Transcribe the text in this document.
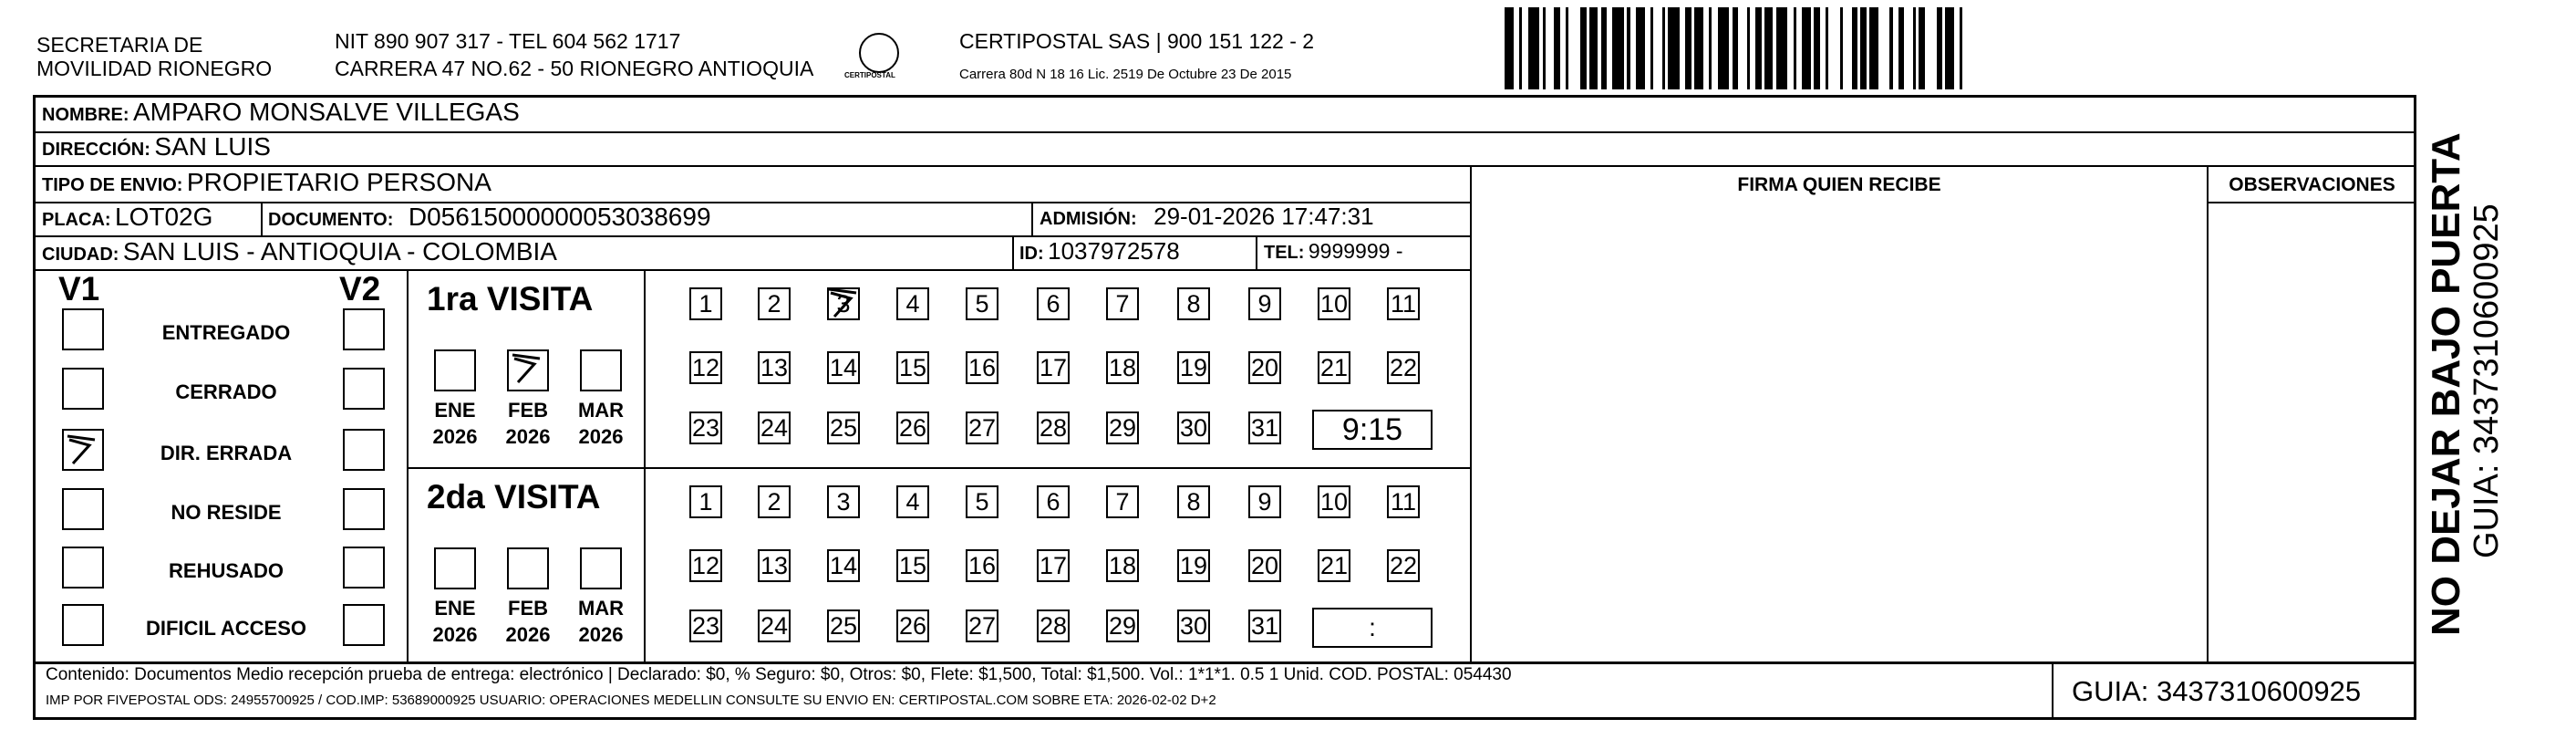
SECRETARIA DE
MOVILIDAD RIONEGRO
NIT 890 907 317 - TEL 604 562 1717
CARRERA 47 NO.62 - 50 RIONEGRO ANTIOQUIA	CERTIPOSTAL
CERTIPOSTAL SAS | 900 151 122 - 2
Carrera 80d N 18 16 Lic. 2519 De Octubre 23 De 2015
NOMBRE: AMPARO MONSALVE VILLEGAS
DIRECCIÓN: SAN LUIS
TIPO DE ENVIO: PROPIETARIO PERSONA
PLACA: LOT02G	DOCUMENTO: D05615000000053038699	ADMISIÓN: 29-01-2026 17:47:31
CIUDAD: SAN LUIS - ANTIOQUIA - COLOMBIA	ID: 1037972578	TEL: 9999999 -
FIRMA QUIEN RECIBE	OBSERVACIONES
V1	V2
ENTREGADO
CERRADO
DIR. ERRADA
NO RESIDE
REHUSADO
DIFICIL ACCESO
1ra VISITA
ENE
2026
FEB
2026
MAR
2026
1	2	3	4	5	6	7	8	9	10 11
12 13 14 15 16 17 18 19 20 21 22
23 24 25 26 27 28 29 30 31	9:15
2da VISITA
ENE
2026
FEB
2026
MAR
2026
1	2	3	4	5	6	7	8	9	10 11
12 13 14 15 16 17 18 19 20 21 22
23 24 25 26 27 28 29 30 31	:
Contenido: Documentos Medio recepción prueba de entrega: electrónico | Declarado: $0, % Seguro: $0, Otros: $0, Flete: $1,500, Total: $1,500. Vol.: 1*1*1. 0.5 1 Unid. COD. POSTAL: 054430
IMP POR FIVEPOSTAL ODS: 24955700925 / COD.IMP: 53689000925 USUARIO: OPERACIONES MEDELLIN CONSULTE SU ENVIO EN: CERTIPOSTAL.COM SOBRE ETA: 2026-02-02 D+2	GUIA: 3437310600925
NO DEJAR BAJO PUERTA GUIA: 3437310600925
